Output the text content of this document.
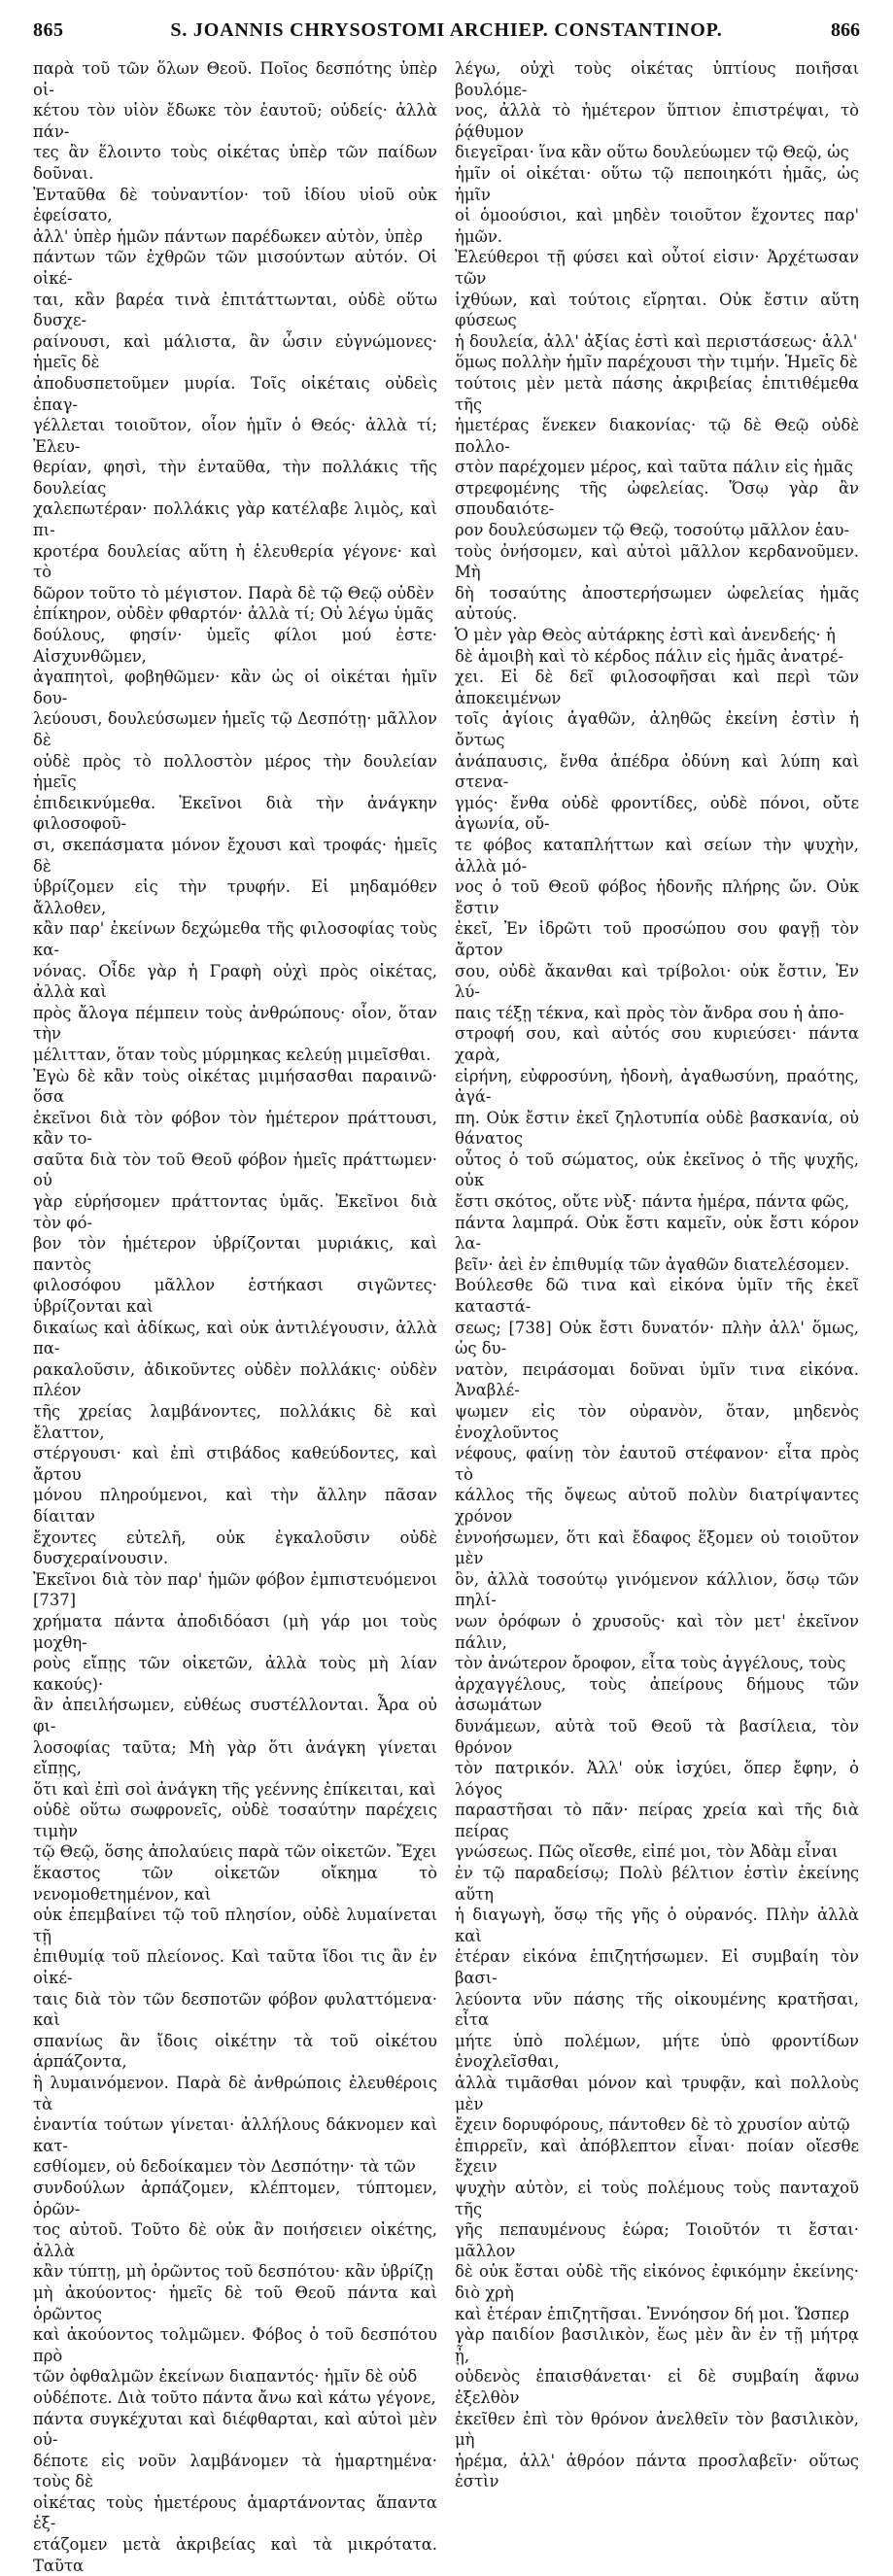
865	S. JOANNIS CHRYSOSTOMI ARCHIEP. CONSTANTINOP.	866

παρὰ τοῦ τῶν ὅλων Θεοῦ. Ποῖος δεσπότης ὑπὲρ οἰ-
κέτου τὸν υἱὸν ἔδωκε τὸν ἑαυτοῦ; οὐδείς· ἀλλὰ πάν-
τες ἂν ἕλοιντο τοὺς οἰκέτας ὑπὲρ τῶν παίδων δοῦναι.
Ἐνταῦθα δὲ τοὐναντίον· τοῦ ἰδίου υἱοῦ οὐκ ἐφείσατο,
ἀλλ' ὑπὲρ ἡμῶν πάντων παρέδωκεν αὐτὸν, ὑπὲρ
πάντων τῶν ἐχθρῶν τῶν μισούντων αὐτόν. Οἱ οἰκέ-
ται, κἂν βαρέα τινὰ ἐπιτάττωνται, οὐδὲ οὕτω δυσχε-
ραίνουσι, καὶ μάλιστα, ἂν ὦσιν εὐγνώμονες· ἡμεῖς δὲ
ἀποδυσπετοῦμεν μυρία. Τοῖς οἰκέταις οὐδεὶς ἐπαγ-
γέλλεται τοιοῦτον, οἷον ἡμῖν ὁ Θεός· ἀλλὰ τί; Ἐλευ-
θερίαν, φησὶ, τὴν ἐνταῦθα, τὴν πολλάκις τῆς δουλείας
χαλεπωτέραν· πολλάκις γὰρ κατέλαβε λιμὸς, καὶ πι-
κροτέρα δουλείας αὕτη ἡ ἐλευθερία γέγονε· καὶ τὸ
δῶρον τοῦτο τὸ μέγιστον. Παρὰ δὲ τῷ Θεῷ οὐδὲν
ἐπίκηρον, οὐδὲν φθαρτόν· ἀλλὰ τί; Οὐ λέγω ὑμᾶς
δούλους, φησίν· ὑμεῖς φίλοι μού ἐστε· Αἰσχυνθῶμεν,
ἀγαπητοὶ, φοβηθῶμεν· κἂν ὡς οἱ οἰκέται ἡμῖν δου-
λεύουσι, δουλεύσωμεν ἡμεῖς τῷ Δεσπότῃ· μᾶλλον δὲ
οὐδὲ πρὸς τὸ πολλοστὸν μέρος τὴν δουλείαν ἡμεῖς
ἐπιδεικνύμεθα. Ἐκεῖνοι διὰ τὴν ἀνάγκην φιλοσοφοῦ-
σι, σκεπάσματα μόνον ἔχουσι καὶ τροφάς· ἡμεῖς δὲ
ὑβρίζομεν εἰς τὴν τρυφήν. Εἰ μηδαμόθεν ἄλλοθεν,
κἂν παρ' ἐκείνων δεχώμεθα τῆς φιλοσοφίας τοὺς κα-
νόνας. Οἶδε γὰρ ἡ Γραφὴ οὐχὶ πρὸς οἰκέτας, ἀλλὰ καὶ
πρὸς ἄλογα πέμπειν τοὺς ἀνθρώπους· οἷον, ὅταν τὴν
μέλιτταν, ὅταν τοὺς μύρμηκας κελεύῃ μιμεῖσθαι.
Ἐγὼ δὲ κἂν τοὺς οἰκέτας μιμήσασθαι παραινῶ· ὅσα
ἐκεῖνοι διὰ τὸν φόβον τὸν ἡμέτερον πράττουσι, κἂν το-
σαῦτα διὰ τὸν τοῦ Θεοῦ φόβον ἡμεῖς πράττωμεν· οὐ
γὰρ εὑρήσομεν πράττοντας ὑμᾶς. Ἐκεῖνοι διὰ τὸν φό-
βον τὸν ἡμέτερον ὑβρίζονται μυριάκις, καὶ παντὸς
φιλοσόφου μᾶλλον ἑστήκασι σιγῶντες· ὑβρίζονται καὶ
δικαίως καὶ ἀδίκως, καὶ οὐκ ἀντιλέγουσιν, ἀλλὰ πα-
ρακαλοῦσιν, ἀδικοῦντες οὐδὲν πολλάκις· οὐδὲν πλέον
τῆς χρείας λαμβάνοντες, πολλάκις δὲ καὶ ἔλαττον,
στέργουσι· καὶ ἐπὶ στιβάδος καθεύδοντες, καὶ ἄρτου
μόνου πληρούμενοι, καὶ τὴν ἄλλην πᾶσαν δίαιταν
ἔχοντες εὐτελῆ, οὐκ ἐγκαλοῦσιν οὐδὲ δυσχεραίνουσιν.
Ἐκεῖνοι διὰ τὸν παρ' ἡμῶν φόβον ἐμπιστευόμενοι [737]
χρήματα πάντα ἀποδιδόασι (μὴ γάρ μοι τοὺς μοχθη-
ροὺς εἴπῃς τῶν οἰκετῶν, ἀλλὰ τοὺς μὴ λίαν κακούς)·
ἂν ἀπειλήσωμεν, εὐθέως συστέλλονται. Ἆρα οὐ φι-
λοσοφίας ταῦτα; Μὴ γὰρ ὅτι ἀνάγκη γίνεται εἴπῃς,
ὅτι καὶ ἐπὶ σοὶ ἀνάγκη τῆς γεέννης ἐπίκειται, καὶ
οὐδὲ οὕτω σωφρονεῖς, οὐδὲ τοσαύτην παρέχεις τιμὴν
τῷ Θεῷ, ὅσης ἀπολαύεις παρὰ τῶν οἰκετῶν. Ἔχει
ἕκαστος τῶν οἰκετῶν οἴκημα τὸ νενομοθετημένον, καὶ
οὐκ ἐπεμβαίνει τῷ τοῦ πλησίον, οὐδὲ λυμαίνεται τῇ
ἐπιθυμίᾳ τοῦ πλείονος. Καὶ ταῦτα ἴδοι τις ἂν ἐν οἰκέ-
ταις διὰ τὸν τῶν δεσποτῶν φόβον φυλαττόμενα· καὶ
σπανίως ἂν ἴδοις οἰκέτην τὰ τοῦ οἰκέτου ἁρπάζοντα,
ἢ λυμαινόμενον. Παρὰ δὲ ἀνθρώποις ἐλευθέροις τὰ
ἐναντία τούτων γίνεται· ἀλλήλους δάκνομεν καὶ κατ-
εσθίομεν, οὐ δεδοίκαμεν τὸν Δεσπότην· τὰ τῶν
συνδούλων ἁρπάζομεν, κλέπτομεν, τύπτομεν, ὁρῶν-
τος αὐτοῦ. Τοῦτο δὲ οὐκ ἂν ποιήσειεν οἰκέτης, ἀλλὰ
κἂν τύπτῃ, μὴ ὁρῶντος τοῦ δεσπότου· κἂν ὑβρίζῃ
μὴ ἀκούοντος· ἡμεῖς δὲ τοῦ Θεοῦ πάντα καὶ ὁρῶντος
καὶ ἀκούοντος τολμῶμεν. Φόβος ὁ τοῦ δεσπότου πρὸ
τῶν ὀφθαλμῶν ἐκείνων διαπαντός· ἡμῖν δὲ οὐδ
οὐδέποτε. Διὰ τοῦτο πάντα ἄνω καὶ κάτω γέγονε,
πάντα συγκέχυται καὶ διέφθαρται, καὶ αὐτοὶ μὲν οὐ-
δέποτε εἰς νοῦν λαμβάνομεν τὰ ἡμαρτημένα· τοὺς δὲ
οἰκέτας τοὺς ἡμετέρους ἁμαρτάνοντας ἅπαντα ἐξ-
ετάζομεν μετὰ ἀκριβείας καὶ τὰ μικρότατα. Ταῦτα

λέγω, οὐχὶ τοὺς οἰκέτας ὑπτίους ποιῆσαι βουλόμε-
νος, ἀλλὰ τὸ ἡμέτερον ὕπτιον ἐπιστρέψαι, τὸ ῥᾴθυμον
διεγεῖραι· ἵνα κἂν οὕτω δουλεύωμεν τῷ Θεῷ, ὡς
ἡμῖν οἱ οἰκέται· οὕτω τῷ πεποιηκότι ἡμᾶς, ὡς ἡμῖν
οἱ ὁμοούσιοι, καὶ μηδὲν τοιοῦτον ἔχοντες παρ' ἡμῶν.
Ἐλεύθεροι τῇ φύσει καὶ οὗτοί εἰσιν· Ἀρχέτωσαν τῶν
ἰχθύων, καὶ τούτοις εἴρηται. Οὐκ ἔστιν αὕτη φύσεως
ἡ δουλεία, ἀλλ' ἀξίας ἐστὶ καὶ περιστάσεως· ἀλλ'
ὅμως πολλὴν ἡμῖν παρέχουσι τὴν τιμήν. Ἡμεῖς δὲ
τούτοις μὲν μετὰ πάσης ἀκριβείας ἐπιτιθέμεθα τῆς
ἡμετέρας ἕνεκεν διακονίας· τῷ δὲ Θεῷ οὐδὲ πολλο-
στὸν παρέχομεν μέρος, καὶ ταῦτα πάλιν εἰς ἡμᾶς
στρεφομένης τῆς ὠφελείας. Ὅσῳ γὰρ ἂν σπουδαιότε-
ρον δουλεύσωμεν τῷ Θεῷ, τοσούτῳ μᾶλλον ἑαυ-
τοὺς ὀνήσομεν, καὶ αὐτοὶ μᾶλλον κερδανοῦμεν. Μὴ
δὴ τοσαύτης ἀποστερήσωμεν ὠφελείας ἡμᾶς αὐτούς.
Ὁ μὲν γὰρ Θεὸς αὐτάρκης ἐστὶ καὶ ἀνενδεής· ἡ
δὲ ἀμοιβὴ καὶ τὸ κέρδος πάλιν εἰς ἡμᾶς ἀνατρέ-
χει. Εἰ δὲ δεῖ φιλοσοφῆσαι καὶ περὶ τῶν ἀποκειμένων
τοῖς ἁγίοις ἀγαθῶν, ἀληθῶς ἐκείνη ἐστὶν ἡ ὄντως
ἀνάπαυσις, ἔνθα ἀπέδρα ὀδύνη καὶ λύπη καὶ στενα-
γμός· ἔνθα οὐδὲ φροντίδες, οὐδὲ πόνοι, οὔτε ἀγωνία, οὔ-
τε φόβος καταπλήττων καὶ σείων τὴν ψυχὴν, ἀλλὰ μό-
νος ὁ τοῦ Θεοῦ φόβος ἡδονῆς πλήρης ὤν. Οὐκ ἔστιν
ἐκεῖ, Ἐν ἱδρῶτι τοῦ προσώπου σου φαγῇ τὸν ἄρτον
σου, οὐδὲ ἄκανθαι καὶ τρίβολοι· οὐκ ἔστιν, Ἐν λύ-
παις τέξῃ τέκνα, καὶ πρὸς τὸν ἄνδρα σου ἡ ἀπο-
στροφή σου, καὶ αὐτός σου κυριεύσει· πάντα χαρὰ,
εἰρήνη, εὐφροσύνη, ἡδονὴ, ἀγαθωσύνη, πραότης, ἀγά-
πη. Οὐκ ἔστιν ἐκεῖ ζηλοτυπία οὐδὲ βασκανία, οὐ θάνατος
οὗτος ὁ τοῦ σώματος, οὐκ ἐκεῖνος ὁ τῆς ψυχῆς, οὐκ
ἔστι σκότος, οὔτε νὺξ· πάντα ἡμέρα, πάντα φῶς,
πάντα λαμπρά. Οὐκ ἔστι καμεῖν, οὐκ ἔστι κόρον λα-
βεῖν· ἀεὶ ἐν ἐπιθυμίᾳ τῶν ἀγαθῶν διατελέσομεν.
Βούλεσθε δῶ τινα καὶ εἰκόνα ὑμῖν τῆς ἐκεῖ καταστά-
σεως; [738] Οὐκ ἔστι δυνατόν· πλὴν ἀλλ' ὅμως, ὡς δυ-
νατὸν, πειράσομαι δοῦναι ὑμῖν τινα εἰκόνα. Ἀναβλέ-
ψωμεν εἰς τὸν οὐρανὸν, ὅταν, μηδενὸς ἐνοχλοῦντος
νέφους, φαίνῃ τὸν ἑαυτοῦ στέφανον· εἶτα πρὸς τὸ
κάλλος τῆς ὄψεως αὐτοῦ πολὺν διατρίψαντες χρόνον
ἐννοήσωμεν, ὅτι καὶ ἔδαφος ἕξομεν οὐ τοιοῦτον μὲν
ὂν, ἀλλὰ τοσούτῳ γινόμενον κάλλιον, ὅσῳ τῶν πηλί-
νων ὀρόφων ὁ χρυσοῦς· καὶ τὸν μετ' ἐκεῖνον πάλιν,
τὸν ἀνώτερον ὄροφον, εἶτα τοὺς ἀγγέλους, τοὺς
ἀρχαγγέλους, τοὺς ἀπείρους δήμους τῶν ἀσωμάτων
δυνάμεων, αὐτὰ τοῦ Θεοῦ τὰ βασίλεια, τὸν θρόνον
τὸν πατρικόν. Ἀλλ' οὐκ ἰσχύει, ὅπερ ἔφην, ὁ λόγος
παραστῆσαι τὸ πᾶν· πείρας χρεία καὶ τῆς διὰ πείρας
γνώσεως. Πῶς οἴεσθε, εἰπέ μοι, τὸν Ἀδὰμ εἶναι
ἐν τῷ παραδείσῳ; Πολὺ βέλτιον ἐστὶν ἐκείνης αὕτη
ἡ διαγωγὴ, ὅσῳ τῆς γῆς ὁ οὐρανός. Πλὴν ἀλλὰ καὶ
ἑτέραν εἰκόνα ἐπιζητήσωμεν. Εἰ συμβαίη τὸν βασι-
λεύοντα νῦν πάσης τῆς οἰκουμένης κρατῆσαι, εἶτα
μήτε ὑπὸ πολέμων, μήτε ὑπὸ φροντίδων ἐνοχλεῖσθαι,
ἀλλὰ τιμᾶσθαι μόνον καὶ τρυφᾷν, καὶ πολλοὺς μὲν
ἔχειν δορυφόρους, πάντοθεν δὲ τὸ χρυσίον αὐτῷ
ἐπιρρεῖν, καὶ ἀπόβλεπτον εἶναι· ποίαν οἴεσθε ἔχειν
ψυχὴν αὐτὸν, εἰ τοὺς πολέμους τοὺς πανταχοῦ τῆς
γῆς πεπαυμένους ἑώρα; Τοιοῦτόν τι ἔσται· μᾶλλον
δὲ οὐκ ἔσται οὐδὲ τῆς εἰκόνος ἐφικόμην ἐκείνης· διὸ χρὴ
καὶ ἑτέραν ἐπιζητῆσαι. Ἐννόησον δή μοι. Ὥσπερ
γὰρ παιδίον βασιλικὸν, ἕως μὲν ἂν ἐν τῇ μήτρᾳ ᾖ,
οὐδενὸς ἐπαισθάνεται· εἰ δὲ συμβαίη ἄφνω ἐξελθὸν
ἐκεῖθεν ἐπὶ τὸν θρόνον ἀνελθεῖν τὸν βασιλικὸν, μὴ
ἠρέμα, ἀλλ' ἀθρόον πάντα προσλαβεῖν· οὕτως ἐστὶν
